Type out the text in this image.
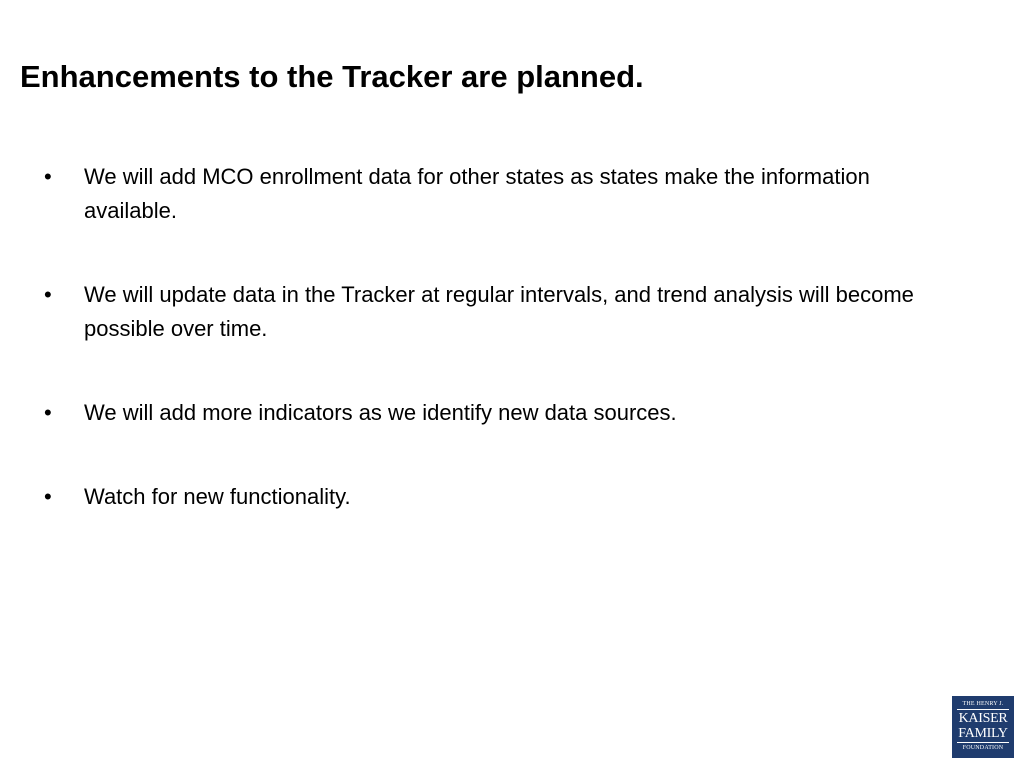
Enhancements to the Tracker are planned.
• We will add MCO enrollment data for other states as states make the information available.
• We will update data in the Tracker at regular intervals, and trend analysis will become possible over time.
• We will add more indicators as we identify new data sources.
• Watch for new functionality.
THE HENRY J.
KAISER
FAMILY
FOUNDATION
